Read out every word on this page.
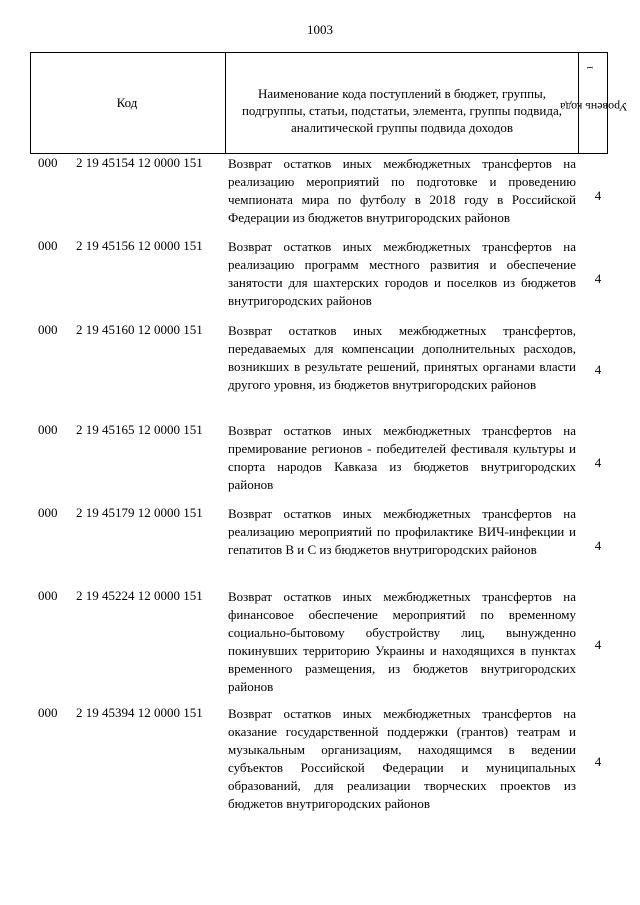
1003
Код
Наименование кода поступлений в бюджет, группы, подгруппы, статьи, подстатьи, элемента, группы подвида, аналитической группы подвида доходов
Уровень кода $^1$
000 2 19 45154 12 0000 151 Возврат остатков иных межбюджетных трансфертов на реализацию мероприятий по подготовке и проведению чемпионата мира по футболу в 2018 году в Российской Федерации из бюджетов внутригородских районов
4
000 2 19 45156 12 0000 151 Возврат остатков иных межбюджетных трансфертов на реализацию программ местного развития и обеспечение занятости для шахтерских городов и поселков из бюджетов внутригородских районов
4
000 2 19 45160 12 0000 151 Возврат остатков иных межбюджетных трансфертов, передаваемых для компенсации дополнительных расходов, возникших в результате решений, принятых органами власти другого уровня, из бюджетов внутригородских районов
4
000 2 19 45165 12 0000 151 Возврат остатков иных межбюджетных трансфертов на премирование регионов - победителей фестиваля культуры и спорта народов Кавказа из бюджетов внутригородских районов
4
000 2 19 45179 12 0000 151 Возврат остатков иных межбюджетных трансфертов на реализацию мероприятий по профилактике ВИЧ-инфекции и гепатитов B и C из бюджетов внутригородских районов	4
000 2 19 45224 12 0000 151 Возврат остатков иных межбюджетных трансфертов на финансовое обеспечение мероприятий по временному социально-бытовому обустройству лиц, вынужденно покинувших территорию Украины и находящихся в пунктах временного размещения, из бюджетов внутригородских районов
4
000 2 19 45394 12 0000 151 Возврат остатков иных межбюджетных трансфертов на оказание государственной поддержки (грантов) театрам и музыкальным организациям, находящимся в ведении субъектов Российской Федерации и муниципальных образований, для реализации творческих проектов из бюджетов внутригородских районов
4
